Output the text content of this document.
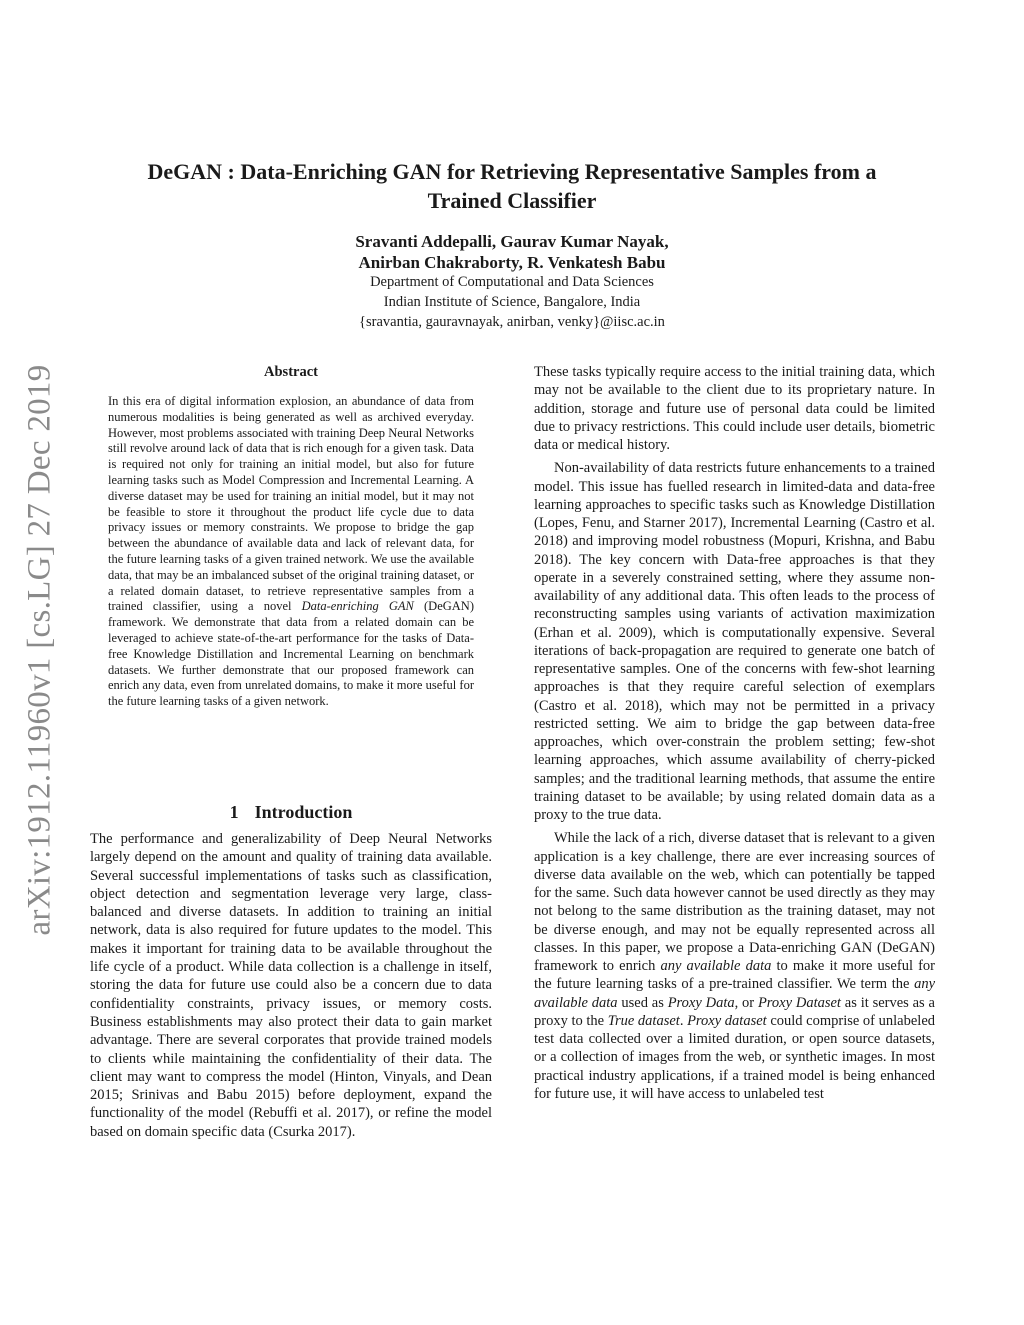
arXiv:1912.11960v1 [cs.LG] 27 Dec 2019
DeGAN : Data-Enriching GAN for Retrieving Representative Samples from a Trained Classifier
Sravanti Addepalli, Gaurav Kumar Nayak,
Anirban Chakraborty, R. Venkatesh Babu
Department of Computational and Data Sciences
Indian Institute of Science, Bangalore, India
{sravantia, gauravnayak, anirban, venky}@iisc.ac.in
Abstract
In this era of digital information explosion, an abundance of data from numerous modalities is being generated as well as archived everyday. However, most problems associated with training Deep Neural Networks still revolve around lack of data that is rich enough for a given task. Data is required not only for training an initial model, but also for future learning tasks such as Model Compression and Incremental Learning. A diverse dataset may be used for training an initial model, but it may not be feasible to store it throughout the product life cycle due to data privacy issues or memory constraints. We propose to bridge the gap between the abundance of available data and lack of relevant data, for the future learning tasks of a given trained network. We use the available data, that may be an imbalanced subset of the original training dataset, or a related domain dataset, to retrieve representative samples from a trained classifier, using a novel Data-enriching GAN (DeGAN) framework. We demonstrate that data from a related domain can be leveraged to achieve state-of-the-art performance for the tasks of Data-free Knowledge Distillation and Incremental Learning on benchmark datasets. We further demonstrate that our proposed framework can enrich any data, even from unrelated domains, to make it more useful for the future learning tasks of a given network.
1 Introduction

The performance and generalizability of Deep Neural Networks largely depend on the amount and quality of training data available. Several successful implementations of tasks such as classification, object detection and segmentation leverage very large, class-balanced and diverse datasets. In addition to training an initial network, data is also required for future updates to the model. This makes it important for training data to be available throughout the life cycle of a product. While data collection is a challenge in itself, storing the data for future use could also be a concern due to data confidentiality constraints, privacy issues, or memory costs. Business establishments may also protect their data to gain market advantage. There are several corporates that provide trained models to clients while maintaining the confidentiality of their data. The client may want to compress the model (Hinton, Vinyals, and Dean 2015; Srinivas and Babu 2015) before deployment, expand the functionality of the model (Rebuffi et al. 2017), or refine the model based on domain specific data (Csurka 2017).

These tasks typically require access to the initial training data, which may not be available to the client due to its proprietary nature. In addition, storage and future use of personal data could be limited due to privacy restrictions. This could include user details, biometric data or medical history.

Non-availability of data restricts future enhancements to a trained model. This issue has fuelled research in limited-data and data-free learning approaches to specific tasks such as Knowledge Distillation (Lopes, Fenu, and Starner 2017), Incremental Learning (Castro et al. 2018) and improving model robustness (Mopuri, Krishna, and Babu 2018). The key concern with Data-free approaches is that they operate in a severely constrained setting, where they assume non-availability of any additional data. This often leads to the process of reconstructing samples using variants of activation maximization (Erhan et al. 2009), which is computationally expensive. Several iterations of back-propagation are required to generate one batch of representative samples. One of the concerns with few-shot learning approaches is that they require careful selection of exemplars (Castro et al. 2018), which may not be permitted in a privacy restricted setting. We aim to bridge the gap between data-free approaches, which over-constrain the problem setting; few-shot learning approaches, which assume availability of cherry-picked samples; and the traditional learning methods, that assume the entire training dataset to be available; by using related domain data as a proxy to the true data.

While the lack of a rich, diverse dataset that is relevant to a given application is a key challenge, there are ever increasing sources of diverse data available on the web, which can potentially be tapped for the same. Such data however cannot be used directly as they may not belong to the same distribution as the training dataset, may not be diverse enough, and may not be equally represented across all classes. In this paper, we propose a Data-enriching GAN (DeGAN) framework to enrich any available data to make it more useful for the future learning tasks of a pre-trained classifier. We term the any available data used as Proxy Data, or Proxy Dataset as it serves as a proxy to the True dataset. Proxy dataset could comprise of unlabeled test data collected over a limited duration, or open source datasets, or a collection of images from the web, or synthetic images. In most practical industry applications, if a trained model is being enhanced for future use, it will have access to unlabeled test
